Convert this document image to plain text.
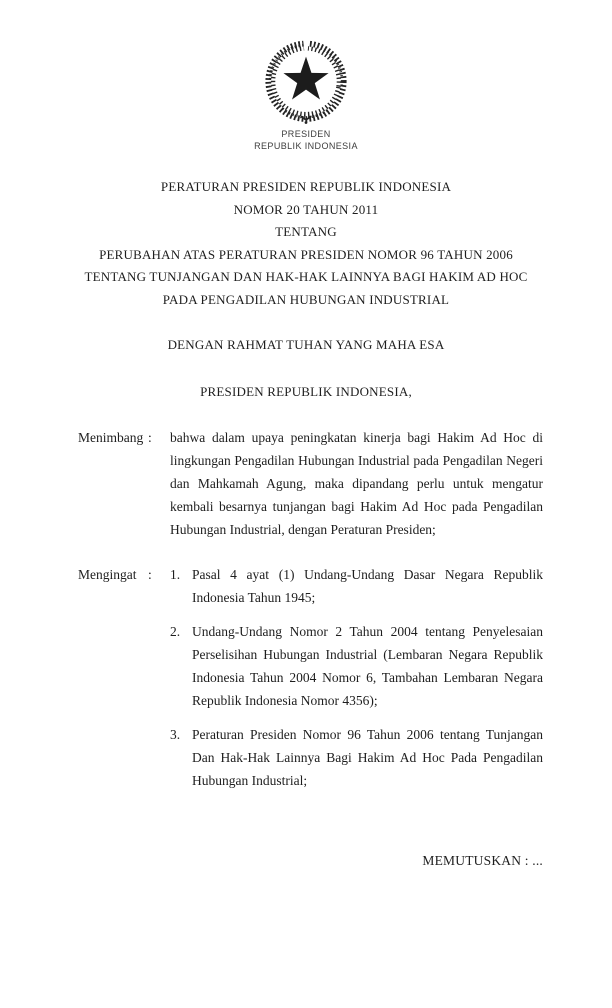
PRESIDEN
REPUBLIK INDONESIA
PERATURAN PRESIDEN REPUBLIK INDONESIA
NOMOR 20 TAHUN 2011
TENTANG
PERUBAHAN ATAS PERATURAN PRESIDEN NOMOR 96 TAHUN 2006
TENTANG TUNJANGAN DAN HAK-HAK LAINNYA BAGI HAKIM AD HOC
PADA PENGADILAN HUBUNGAN INDUSTRIAL
DENGAN RAHMAT TUHAN YANG MAHA ESA
PRESIDEN REPUBLIK INDONESIA,
Menimbang :	bahwa dalam upaya peningkatan kinerja bagi Hakim Ad Hoc di lingkungan Pengadilan Hubungan Industrial pada Pengadilan Negeri dan Mahkamah Agung, maka dipandang perlu untuk mengatur kembali besarnya tunjangan bagi Hakim Ad Hoc pada Pengadilan Hubungan Industrial, dengan Peraturan Presiden;
Mengingat :	1. Pasal 4 ayat (1) Undang-Undang Dasar Negara Republik Indonesia Tahun 1945;
2. Undang-Undang Nomor 2 Tahun 2004 tentang Penyelesaian Perselisihan Hubungan Industrial (Lembaran Negara Republik Indonesia Tahun 2004 Nomor 6, Tambahan Lembaran Negara Republik Indonesia Nomor 4356);
3. Peraturan Presiden Nomor 96 Tahun 2006 tentang Tunjangan Dan Hak-Hak Lainnya Bagi Hakim Ad Hoc Pada Pengadilan Hubungan Industrial;
MEMUTUSKAN : ...
